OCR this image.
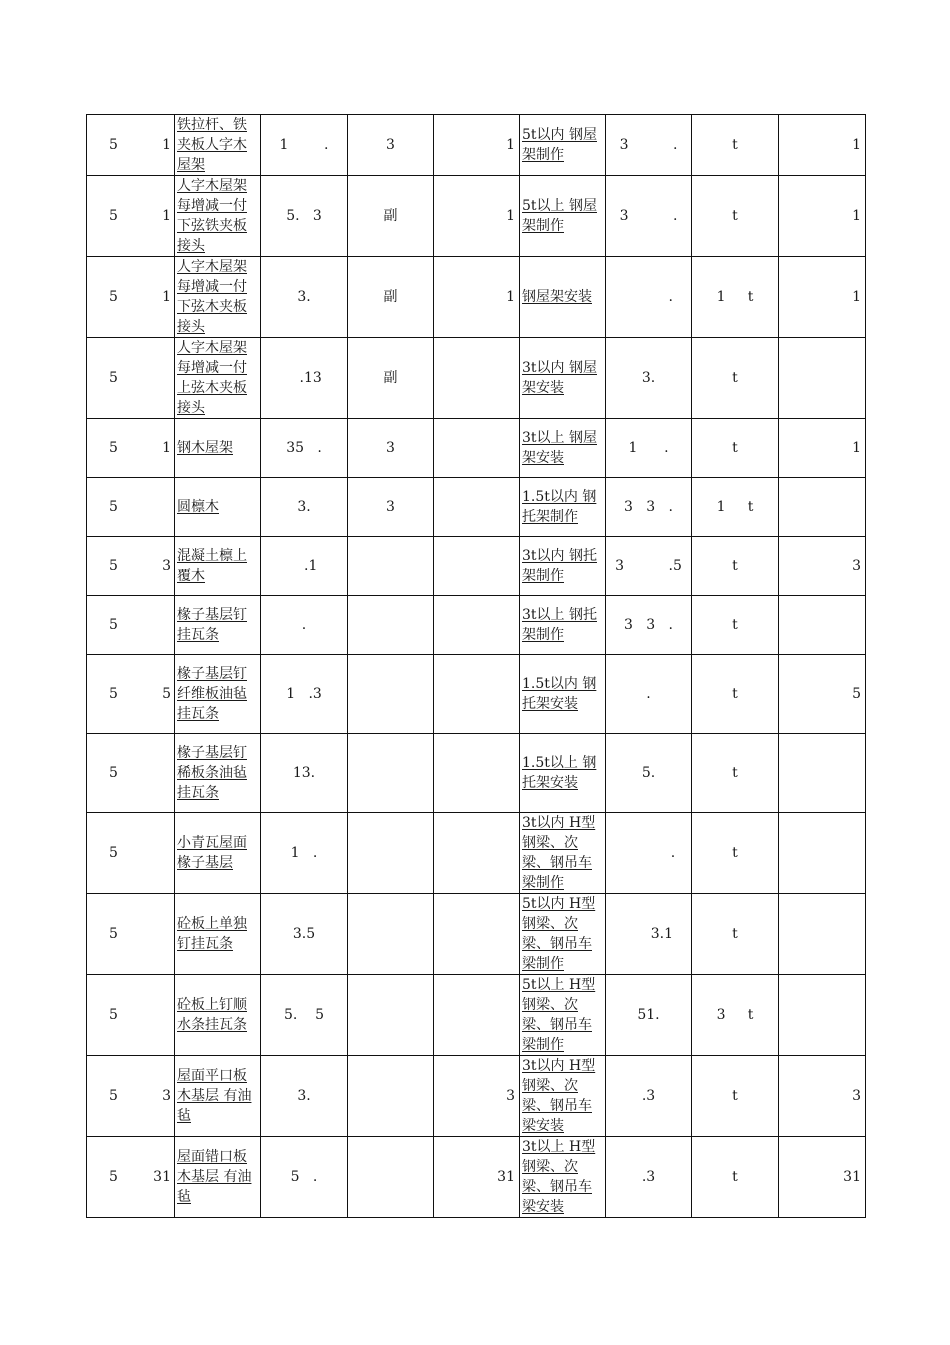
5 1	铁拉杆、铁夹板人字木屋架	1        .	3	1	5t以内 钢屋架制作	3          .	t	1
5 1	人字木屋架每增减一付下弦铁夹板接头	5.   3	副	1	5t以上 钢屋架制作	3          .	t	1
5 1	人字木屋架每增减一付下弦木夹板接头	3.	副	1	钢屋架安装	.	1     t	1
5	人字木屋架每增减一付上弦木夹板接头	.13	副		3t以内 钢屋架安装	3.	t	
5 1	钢木屋架	35   .	3		3t以上 钢屋架安装	1      .	t	1
5	圆檩木	3.	3		1.5t以内 钢托架制作	3   3   .	1     t	
5 3	混凝土檩上覆木	.1			3t以内 钢托架制作	3          .5	t	3
5	椽子基层钉挂瓦条	.			3t以上 钢托架制作	3   3   .	t	
5 5	椽子基层钉纤维板油毡挂瓦条	1   .3			1.5t以内 钢托架安装	.	t	5
5	椽子基层钉稀板条油毡挂瓦条	13.			1.5t以上 钢托架安装	5.	t	
5	小青瓦屋面椽子基层	1   .			3t以内 H型钢梁、次梁、钢吊车梁制作	.	t	
5	砼板上单独钉挂瓦条	3.5			5t以内 H型钢梁、次梁、钢吊车梁制作	3.1	t	
5	砼板上钉顺水条挂瓦条	5.    5			5t以上 H型钢梁、次梁、钢吊车梁制作	51.	3     t	
5 3	屋面平口板木基层 有油毡	3.		3	3t以内 H型钢梁、次梁、钢吊车梁安装	.3	t	3
5 31	屋面错口板木基层 有油毡	5   .		31	3t以上 H型钢梁、次梁、钢吊车梁安装	.3	t	31
